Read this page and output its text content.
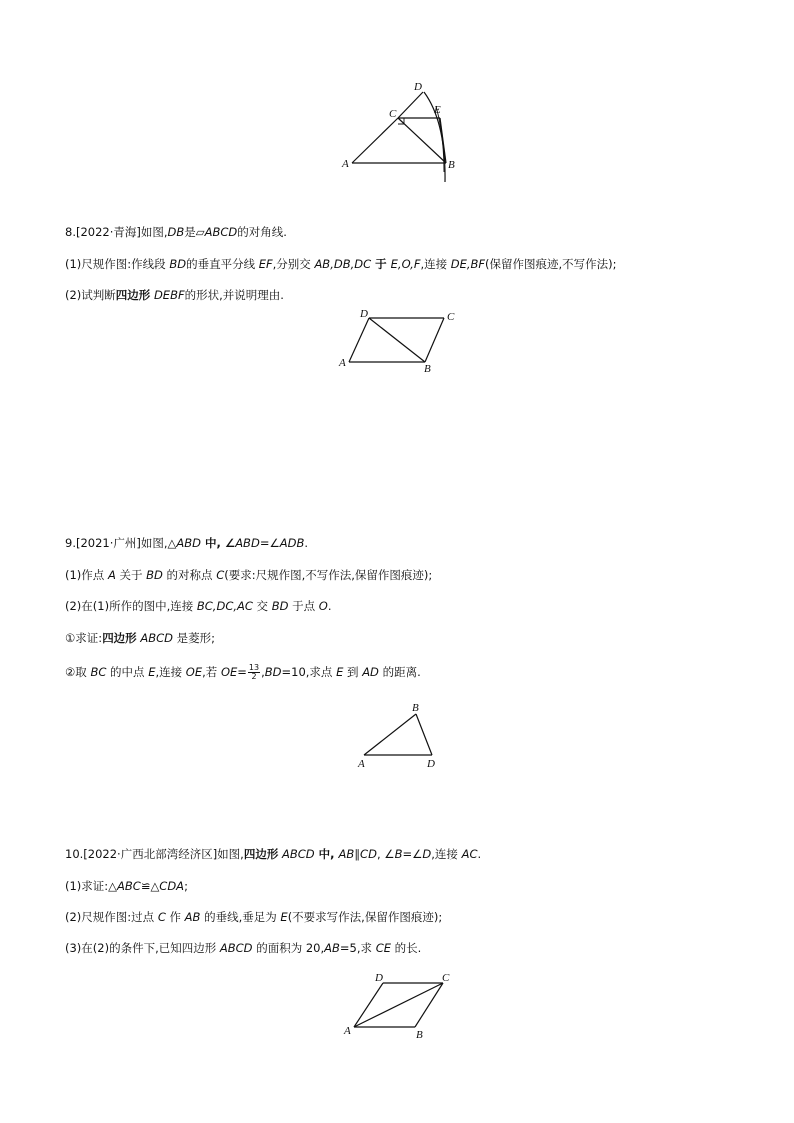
A	B
C
D
E
8.[2022·青海]如图,DB是▱ABCD的对角线.
(1)尺规作图:作线段 BD的垂直平分线 EF,分别交 AB,DB,DC 于 E,O,F,连接 DE,BF(保留作图痕迹,不写作法);
(2)试判断四边形 DEBF的形状,并说明理由.
A	B
C
D
9.[2021·广州]如图,△ABD 中, ∠ABD=∠ADB.
(1)作点 A 关于 BD 的对称点 C(要求:尺规作图,不写作法,保留作图痕迹);
(2)在(1)所作的图中,连接 BC,DC,AC 交 BD 于点 O.
①求证:四边形 ABCD 是菱形;
②取 BC 的中点 E,连接 OE,若 $OE= \frac{13}{2} ,BD=10$,求点 E 到 AD 的距离.
A
B
D
10.[2022·广西北部湾经济区]如图,四边形 ABCD 中, AB∥CD, ∠B=∠D,连接 AC.
(1)求证:△ABC≌△CDA;
(2)尺规作图:过点 C 作 AB 的垂线,垂足为 E(不要求写作法,保留作图痕迹);
(3)在(2)的条件下,已知四边形 ABCD 的面积为 20,AB=5,求 CE 的长.
A	B
C
D
